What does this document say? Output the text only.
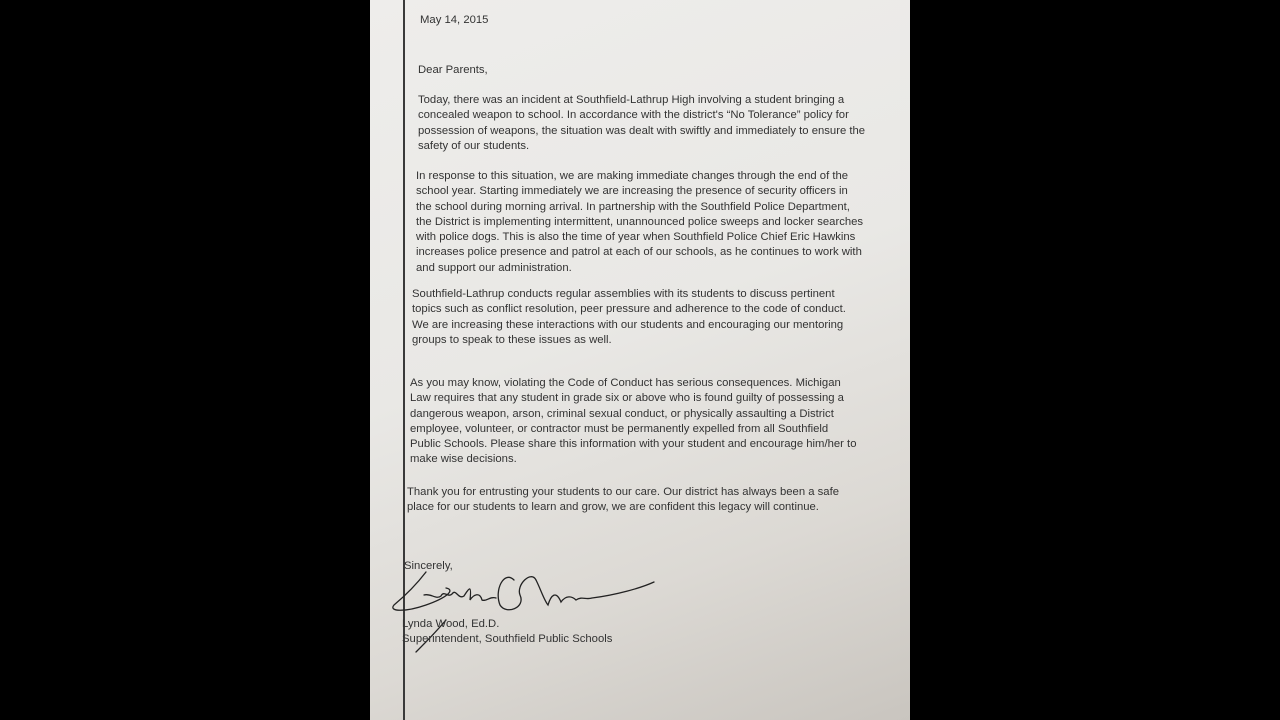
May 14, 2015
Dear Parents,
Today, there was an incident at Southfield-Lathrup High involving a student bringing a
concealed weapon to school. In accordance with the district's “No Tolerance” policy for
possession of weapons, the situation was dealt with swiftly and immediately to ensure the
safety of our students.
In response to this situation, we are making immediate changes through the end of the
school year. Starting immediately we are increasing the presence of security officers in
the school during morning arrival. In partnership with the Southfield Police Department,
the District is implementing intermittent, unannounced police sweeps and locker searches
with police dogs. This is also the time of year when Southfield Police Chief Eric Hawkins
increases police presence and patrol at each of our schools, as he continues to work with
and support our administration.
Southfield-Lathrup conducts regular assemblies with its students to discuss pertinent
topics such as conflict resolution, peer pressure and adherence to the code of conduct.
We are increasing these interactions with our students and encouraging our mentoring
groups to speak to these issues as well.
As you may know, violating the Code of Conduct has serious consequences. Michigan
Law requires that any student in grade six or above who is found guilty of possessing a
dangerous weapon, arson, criminal sexual conduct, or physically assaulting a District
employee, volunteer, or contractor must be permanently expelled from all Southfield
Public Schools. Please share this information with your student and encourage him/her to
make wise decisions.
Thank you for entrusting your students to our care. Our district has always been a safe
place for our students to learn and grow, we are confident this legacy will continue.
Sincerely,
Lynda Wood, Ed.D.
Superintendent, Southfield Public Schools
